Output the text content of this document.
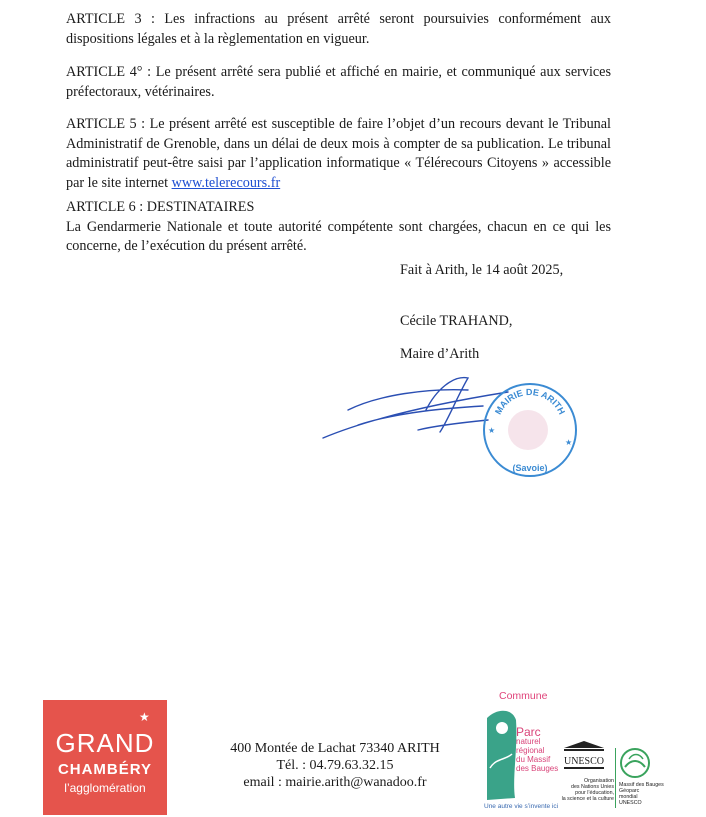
ARTICLE 3 : Les infractions au présent arrêté seront poursuivies conformément aux dispositions légales et à la règlementation en vigueur.
ARTICLE 4° : Le présent arrêté sera publié et affiché en mairie, et communiqué aux services préfectoraux, vétérinaires.
ARTICLE 5 : Le présent arrêté est susceptible de faire l’objet d’un recours devant le Tribunal Administratif de Grenoble, dans un délai de deux mois à compter de sa publication. Le tribunal administratif peut-être saisi par l’application informatique « Télérecours Citoyens » accessible par le site internet www.telerecours.fr
ARTICLE 6 : DESTINATAIRES
La Gendarmerie Nationale et toute autorité compétente sont chargées, chacun en ce qui les concerne, de l’exécution du présent arrêté.
Fait à Arith, le 14 août 2025,
Cécile TRAHAND,
Maire d’Arith
MAIRIE DE ARITH
(Savoie)
★
★
★
GRAND
CHAMBÉRY
l’agglomération
400 Montée de Lachat 73340 ARITH
Tél. : 04.79.63.32.15
email : mairie.arith@wanadoo.fr
Commune
Parc
naturel
régional
du Massif
des Bauges
Une autre vie s’invente ici
UNESCO
Organisation
des Nations Unies
pour l’éducation,
la science et la culture
Massif des Bauges
Géoparc
mondial
UNESCO
